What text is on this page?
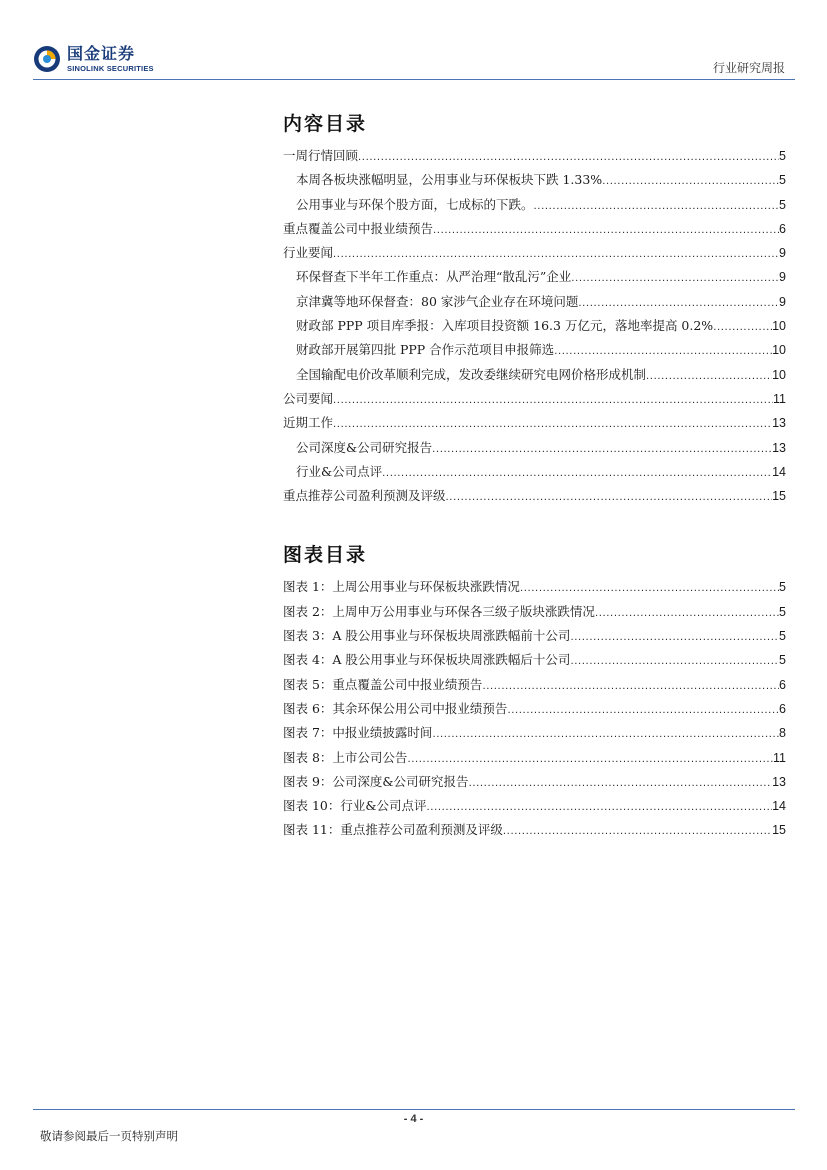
国金证券
SINOLINK SECURITIES	行业研究周报
内容目录
一周行情回顾 .....	5
本周各板块涨幅明显，公用事业与环保板块下跌 1.33% .....	5
公用事业与环保个股方面，七成标的下跌。 .....	5
重点覆盖公司中报业绩预告 .....	6
行业要闻 .....	9
环保督查下半年工作重点：从严治理“散乱污”企业 .....	9
京津冀等地环保督查：80 家涉气企业存在环境问题 .....	9
财政部 PPP 项目库季报：入库项目投资额 16.3 万亿元，落地率提高 0.2% .....	10
财政部开展第四批 PPP 合作示范项目申报筛选 .....	10
全国输配电价改革顺利完成，发改委继续研究电网价格形成机制 .....	10
公司要闻 .....	11
近期工作 .....	13
公司深度&公司研究报告 .....	13
行业&公司点评 .....	14
重点推荐公司盈利预测及评级 .....	15
图表目录
图表 1：上周公用事业与环保板块涨跌情况 .....	5
图表 2：上周申万公用事业与环保各三级子版块涨跌情况 .....	5
图表 3：A 股公用事业与环保板块周涨跌幅前十公司 .....	5
图表 4：A 股公用事业与环保板块周涨跌幅后十公司 .....	5
图表 5：重点覆盖公司中报业绩预告 .....	6
图表 6：其余环保公用公司中报业绩预告 .....	6
图表 7：中报业绩披露时间 .....	8
图表 8：上市公司公告 .....	11
图表 9：公司深度&公司研究报告 .....	13
图表 10：行业&公司点评 .....	14
图表 11：重点推荐公司盈利预测及评级 .....	15
- 4 -
敬请参阅最后一页特别声明
